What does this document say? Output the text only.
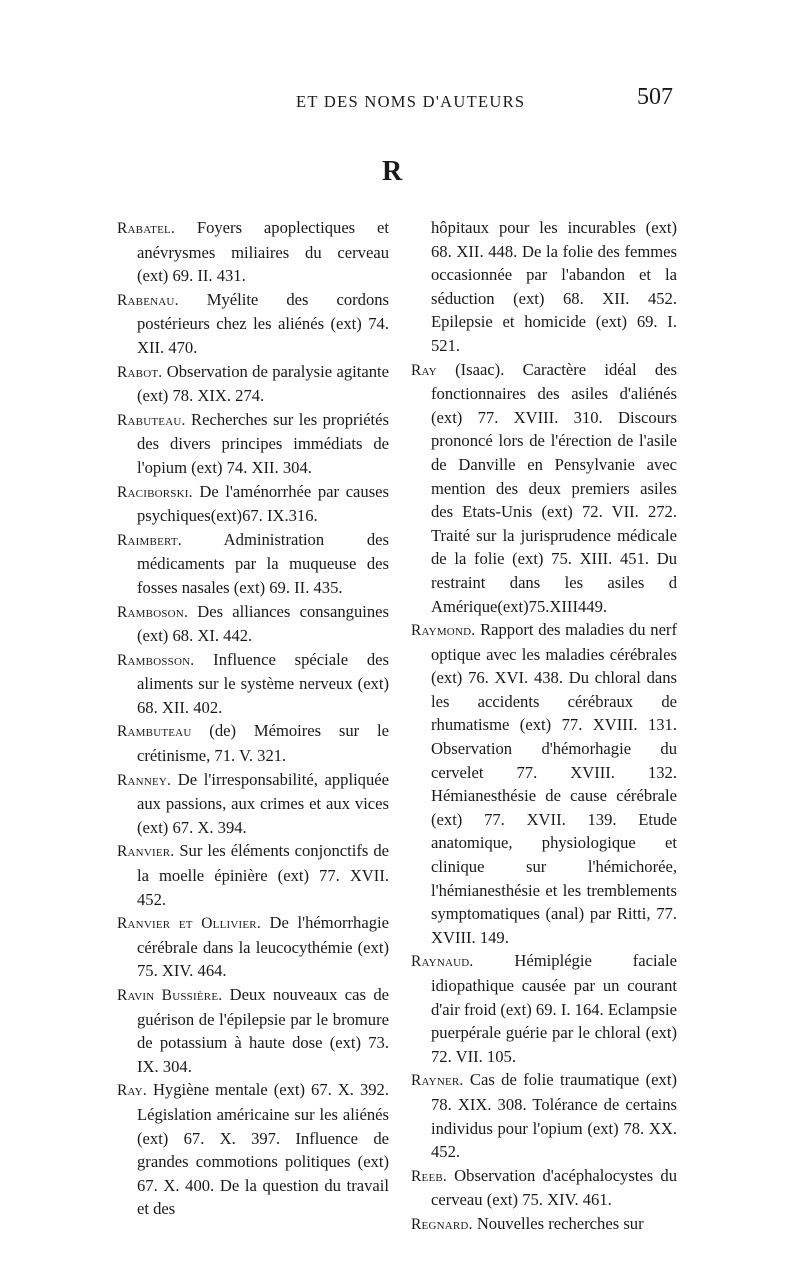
ET DES NOMS D'AUTEURS	507
R

Rabatel. Foyers apoplectiques et anévrysmes miliaires du cerveau (ext) 69. II. 431.

Rabenau. Myélite des cordons postérieurs chez les aliénés (ext) 74. XII. 470.

Rabot. Observation de paralysie agitante (ext) 78. XIX. 274.

Rabuteau. Recherches sur les propriétés des divers principes immédiats de l'opium (ext) 74. XII. 304.

Raciborski. De l'aménorrhée par causes psychiques(ext)67. IX.316.

Raimbert.	Administration des médicaments par la muqueuse des fosses nasales (ext) 69. II. 435.

Ramboson. Des alliances consanguines (ext) 68. XI. 442.

Rambosson. Influence spéciale des aliments sur le système nerveux (ext) 68. XII. 402.

Rambuteau (de) Mémoires sur le crétinisme, 71. V. 321.

Ranney. De l'irresponsabilité, appliquée aux passions, aux crimes et aux vices (ext) 67. X. 394.

Ranvier. Sur les éléments conjonctifs de la moelle épinière (ext) 77. XVII. 452.

Ranvier et Ollivier. De l'hémorrhagie cérébrale dans la leucocythémie (ext) 75. XIV. 464.

Ravin Bussière. Deux nouveaux cas de guérison de l'épilepsie par le bromure de potassium à haute dose (ext) 73. IX. 304.

Ray. Hygiène mentale (ext) 67. X. 392. Législation américaine sur les aliénés (ext) 67. X. 397. Influence de grandes commotions politiques (ext) 67. X. 400. De la question du travail et des

hôpitaux pour les incurables (ext) 68. XII. 448. De la folie des femmes occasionnée par l'abandon et la séduction (ext) 68. XII. 452. Epilepsie et homicide (ext) 69. I. 521.

Ray (Isaac). Caractère idéal des fonctionnaires des asiles d'aliénés (ext) 77. XVIII. 310. Discours prononcé lors de l'érection de l'asile de Danville en Pensylvanie avec mention des deux premiers asiles des Etats-Unis (ext) 72. VII. 272. Traité sur la jurisprudence médicale de la folie (ext) 75. XIII. 451. Du restraint dans les asiles d Amérique(ext)75.XIII449.

Raymond. Rapport des maladies du nerf optique avec les maladies cérébrales (ext) 76. XVI. 438. Du chloral dans les accidents cérébraux de rhumatisme (ext) 77. XVIII. 131. Observation d'hémorhagie du cervelet 77. XVIII. 132. Hémianesthésie de cause cérébrale (ext) 77. XVII. 139. Etude anatomique, physiologique et clinique sur l'hémichorée, l'hémianesthésie et les tremblements symptomatiques (anal) par Ritti, 77. XVIII. 149.

Raynaud. Hémiplégie faciale idiopathique causée par un courant d'air froid (ext) 69. I. 164. Eclampsie puerpérale guérie par le chloral (ext) 72. VII. 105.

Rayner. Cas de folie traumatique (ext) 78. XIX. 308. Tolérance de certains individus pour l'opium (ext) 78. XX. 452.

Reeb. Observation d'acéphalocystes du cerveau (ext) 75. XIV. 461.

Regnard. Nouvelles recherches sur
